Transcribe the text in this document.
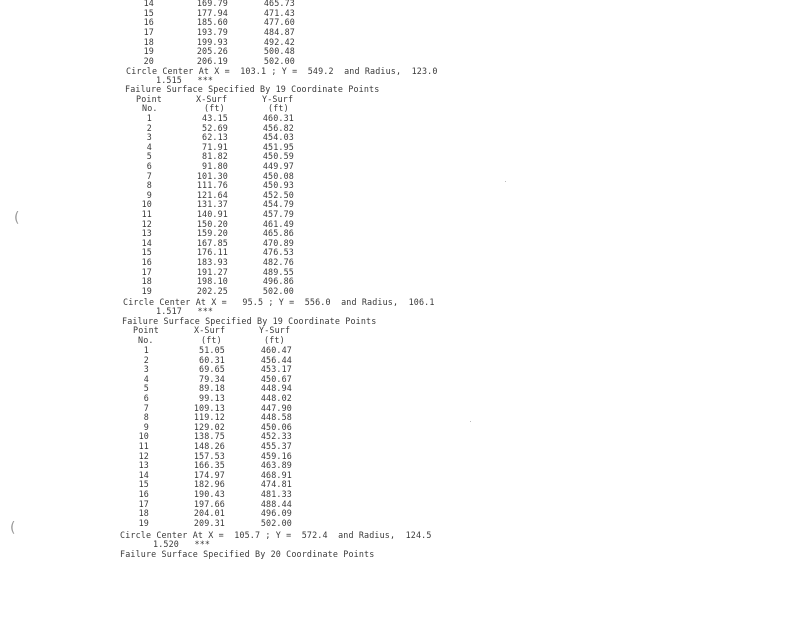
14	169.79	465.73
15	177.94	471.43
16	185.60	477.60
17	193.79	484.87
18	199.93	492.42
19	205.26	500.48
20	206.19	502.00
Circle Center At X =  103.1 ; Y =  549.2  and Radius,  123.0
1.515   ***
Failure Surface Specified By 19 Coordinate Points
Point	X-Surf	Y-Surf
No.	(ft)	(ft)
1	43.15	460.31
2	52.69	456.82
3	62.13	454.03
4	71.91	451.95
5	81.82	450.59
6	91.80	449.97
7	101.30	450.08
8	111.76	450.93
9	121.64	452.50
10	131.37	454.79
11	140.91	457.79
12	150.20	461.49
13	159.20	465.86
14	167.85	470.89
15	176.11	476.53
16	183.93	482.76
17	191.27	489.55
18	198.10	496.86
19	202.25	502.00
Circle Center At X =   95.5 ; Y =  556.0  and Radius,  106.1
1.517   ***
Failure Surface Specified By 19 Coordinate Points
Point	X-Surf	Y-Surf
No.	(ft)	(ft)
1	51.05	460.47
2	60.31	456.44
3	69.65	453.17
4	79.34	450.67
5	89.18	448.94
6	99.13	448.02
7	109.13	447.90
8	119.12	448.58
9	129.02	450.06
10	138.75	452.33
11	148.26	455.37
12	157.53	459.16
13	166.35	463.89
14	174.97	468.91
15	182.96	474.81
16	190.43	481.33
17	197.66	488.44
18	204.01	496.09
19	209.31	502.00
Circle Center At X =  105.7 ; Y =  572.4  and Radius,  124.5
1.520   ***
Failure Surface Specified By 20 Coordinate Points
(
(
